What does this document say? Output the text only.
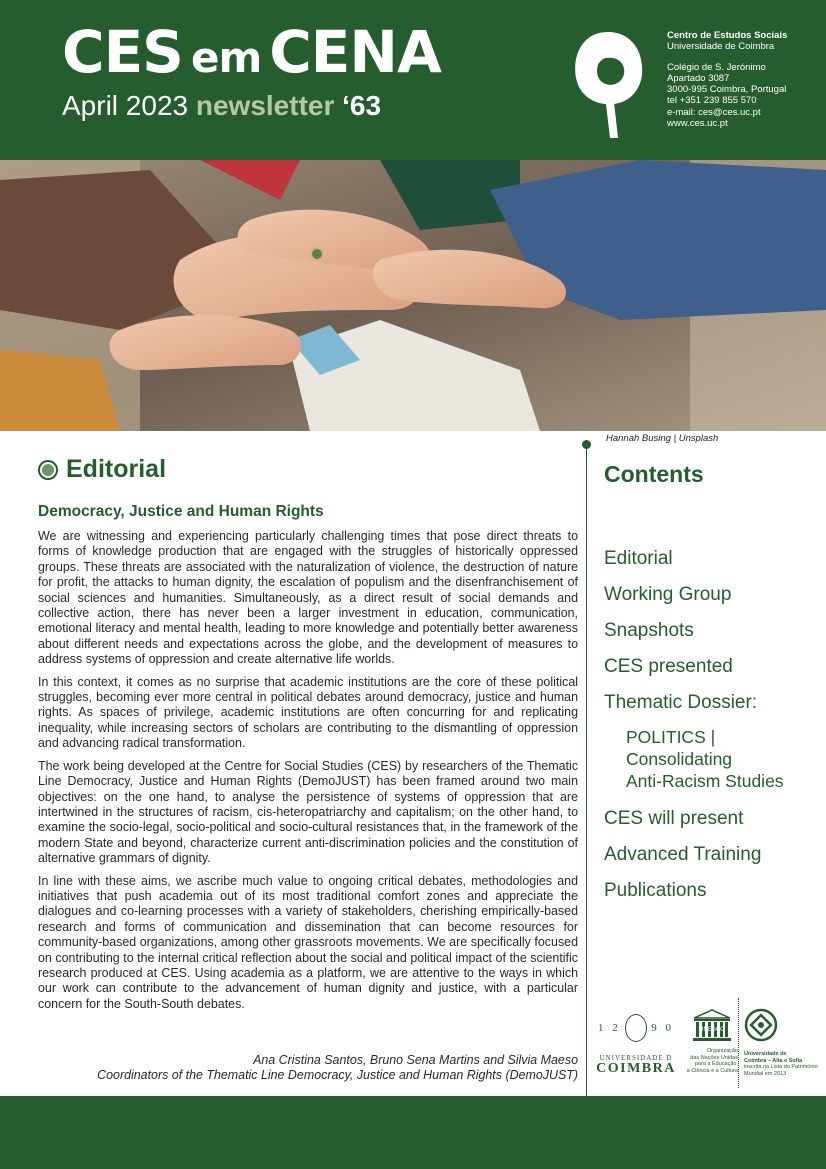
CES em CENA
April 2023 newsletter ‘63
Centro de Estudos Sociais
Universidade de Coimbra
Colégio de S. Jerónimo
Apartado 3087
3000-995 Coimbra, Portugal
tel +351 239 855 570
e-mail: ces@ces.uc.pt
www.ces.uc.pt
Hannah Busing | Unsplash
Editorial
Democracy, Justice and Human Rights

We are witnessing and experiencing particularly challenging times that pose direct threats to forms of knowledge production that are engaged with the struggles of historically oppressed groups. These threats are associated with the naturalization of violence, the destruction of nature for profit, the attacks to human dignity, the escalation of populism and the disenfranchisement of social sciences and humanities. Simultaneously, as a direct result of social demands and collective action, there has never been a larger investment in education, communication, emotional literacy and mental health, leading to more knowledge and potentially better awareness about different needs and expectations across the globe, and the development of measures to address systems of oppression and create alternative life worlds.

In this context, it comes as no surprise that academic institutions are the core of these political struggles, becoming ever more central in political debates around democracy, justice and human rights. As spaces of privilege, academic institutions are often concurring for and replicating inequality, while increasing sectors of scholars are contributing to the dismantling of oppression and advancing radical transformation.

The work being developed at the Centre for Social Studies (CES) by researchers of the Thematic Line Democracy, Justice and Human Rights (DemoJUST) has been framed around two main objectives: on the one hand, to analyse the persistence of systems of oppression that are intertwined in the structures of racism, cis-heteropatriarchy and capitalism; on the other hand, to examine the socio-legal, socio-political and socio-cultural resistances that, in the framework of the modern State and beyond, characterize current anti-discrimination policies and the constitution of alternative grammars of dignity.

In line with these aims, we ascribe much value to ongoing critical debates, methodologies and initiatives that push academia out of its most traditional comfort zones and appreciate the dialogues and co-learning processes with a variety of stakeholders, cherishing empirically-based research and forms of communication and dissemination that can become resources for community-based organizations, among other grassroots movements. We are specifically focused on contributing to the internal critical reflection about the social and political impact of the scientific research produced at CES. Using academia as a platform, we are attentive to the ways in which our work can contribute to the advancement of human dignity and justice, with a particular concern for the South-South debates.

Ana Cristina Santos, Bruno Sena Martins and Silvia Maeso
Coordinators of the Thematic Line Democracy, Justice and Human Rights (DemoJUST)
Contents
Editorial
Working Group
Snapshots
CES presented
Thematic Dossier:
POLITICS |
Consolidating
Anti-Racism Studies
CES will present
Advanced Training
Publications
1 2	9 0
UNIVERSIDADE D
COIMBRA
UNESCO
Organização
das Nações Unidas
para a Educação,
a Ciência e a Cultura
Universidade de
Coimbra – Alta e Sofia
inscrita na Lista do Património
Mundial em 2013
